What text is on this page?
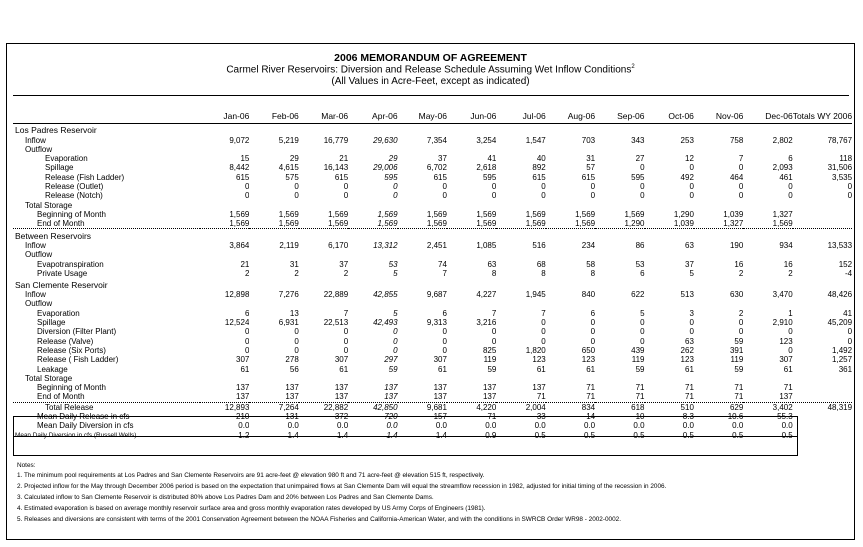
2006 MEMORANDUM OF AGREEMENT
Carmel River Reservoirs: Diversion and Release Schedule Assuming Wet Inflow Conditions$^2$
(All Values in Acre-Feet, except as indicated)
	Jan-06	Feb-06	Mar-06	Apr-06	May-06	Jun-06	Jul-06	Aug-06	Sep-06	Oct-06	Nov-06	Dec-06	Totals WY 2006
Los Padres Reservoir													
Inflow	9,072	5,219	16,779	29,630	7,354	3,254	1,547	703	343	253	758	2,802	78,767
Outflow													
Evaporation	15	29	21	29	37	41	40	31	27	12	7	6	118
Spillage	8,442	4,615	16,143	29,006	6,702	2,618	892	57	0	0	0	2,093	31,506
Release (Fish Ladder)	615	575	615	595	615	595	615	615	595	492	464	461	3,535
Release (Outlet)	0	0	0	0	0	0	0	0	0	0	0	0	0
Release (Notch)	0	0	0	0	0	0	0	0	0	0	0	0	0
Total Storage													
Beginning of Month	1,569	1,569	1,569	1,569	1,569	1,569	1,569	1,569	1,569	1,290	1,039	1,327	
End of Month	1,569	1,569	1,569	1,569	1,569	1,569	1,569	1,569	1,290	1,039	1,327	1,569	
Between Reservoirs													
Inflow	3,864	2,119	6,170	13,312	2,451	1,085	516	234	86	63	190	934	13,533
Outflow													
Evapotranspiration	21	31	37	53	74	63	68	58	53	37	16	16	152
Private Usage	2	2	2	5	7	8	8	8	6	5	2	2	-4
San Clemente Reservoir													
Inflow	12,898	7,276	22,889	42,855	9,687	4,227	1,945	840	622	513	630	3,470	48,426
Outflow													
Evaporation	6	13	7	5	6	7	7	6	5	3	2	1	41
Spillage	12,524	6,931	22,513	42,493	9,313	3,216	0	0	0	0	0	2,910	45,209
Diversion (Filter Plant)	0	0	0	0	0	0	0	0	0	0	0	0	0
Release (Valve)	0	0	0	0	0	0	0	0	0	63	59	123	0
Release (Six Ports)	0	0	0	0	0	825	1,820	650	439	262	391	0	1,492
Release ( Fish Ladder)	307	278	307	297	307	119	123	123	119	123	119	307	1,257
Leakage	61	56	61	59	61	59	61	61	59	61	59	61	361
Total Storage													
Beginning of Month	137	137	137	137	137	137	137	71	71	71	71	71	
End of Month	137	137	137	137	137	137	71	71	71	71	71	137	
Total Release	12,893	7,264	22,882	42,850	9,681	4,220	2,004	834	618	510	629	3,402	48,319
Mean Daily Release in cfs	210	131	372	720	157	71	33	14	10	8.3	10.6	55.3	
Mean Daily Diversion in cfs	0.0	0.0	0.0	0.0	0.0	0.0	0.0	0.0	0.0	0.0	0.0	0.0	
Mean Daily Diversion in cfs (Russell Wells)	1.2	1.4	1.4	1.4	1.4	0.9	0.5	0.5	0.5	0.5	0.5	0.5	
Notes:
1. The minimum pool requirements at Los Padres and San Clemente Reservoirs are 91 acre-feet @ elevation 980 ft and 71 acre-feet @ elevation 515 ft, respectively.
2. Projected inflow for the May through December 2006 period is based on the expectation that unimpaired flows at San Clemente Dam will equal the streamflow recession in 1982, adjusted for initial timing of the recession in 2006.
3. Calculated inflow to San Clemente Reservoir is distributed 80% above Los Padres Dam and 20% between Los Padres and San Clemente Dams.
4. Estimated evaporation is based on average monthly reservoir surface area and gross monthly evaporation rates developed by US Army Corps of Engineers (1981).
5. Releases and diversions are consistent with terms of the 2001 Conservation Agreement between the NOAA Fisheries and California-American Water, and with the conditions in SWRCB Order WR98 - 2002-0002.
